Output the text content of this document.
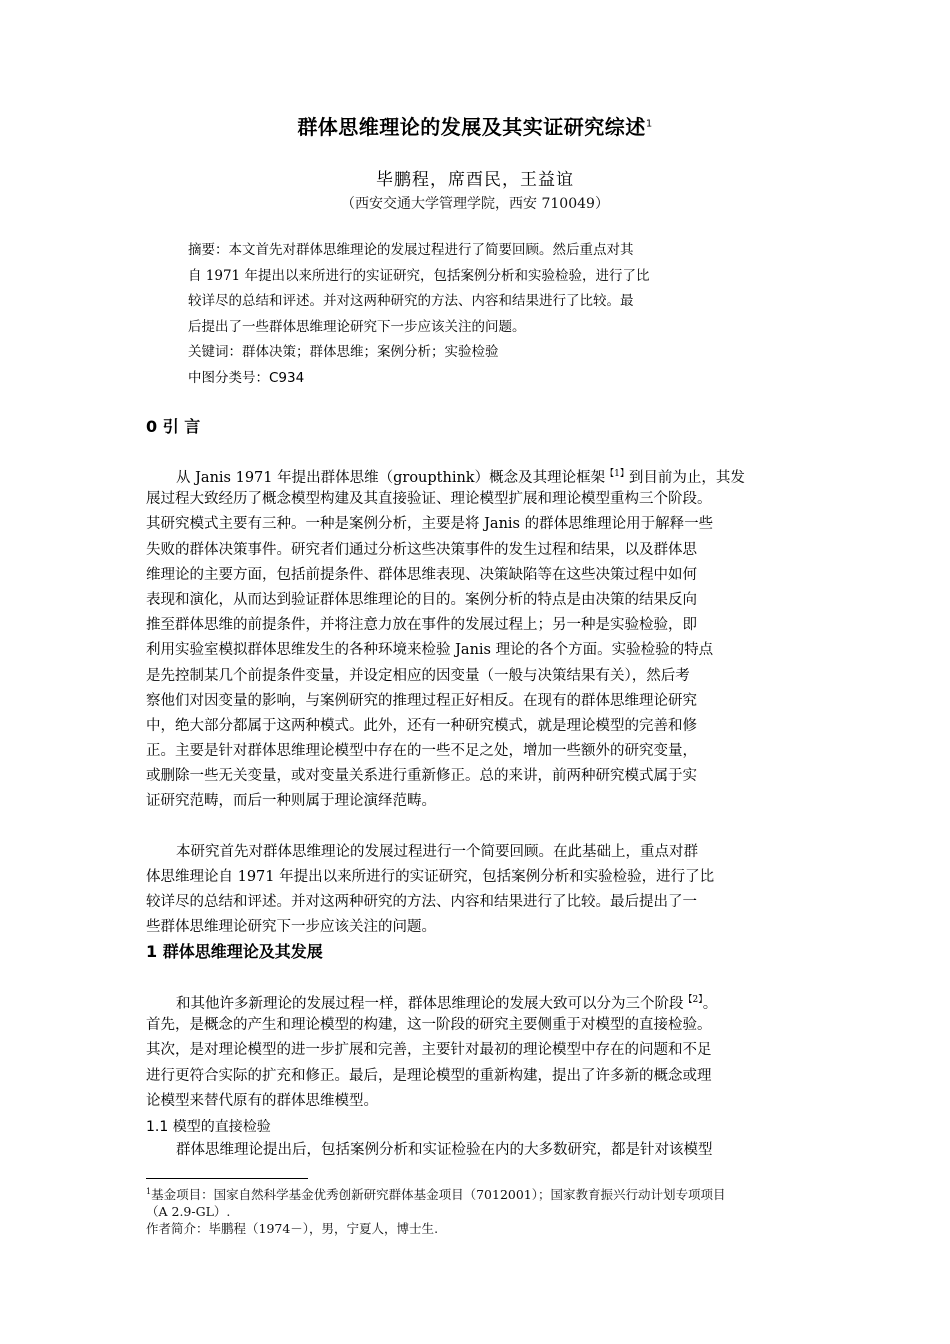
群体思维理论的发展及其实证研究综述$^1$
毕鹏程，席酉民，王益谊
（西安交通大学管理学院，西安 710049）
摘要：本文首先对群体思维理论的发展过程进行了简要回顾。然后重点对其
自 1971 年提出以来所进行的实证研究，包括案例分析和实验检验，进行了比
较详尽的总结和评述。并对这两种研究的方法、内容和结果进行了比较。最
后提出了一些群体思维理论研究下一步应该关注的问题。
关键词：群体决策；群体思维；案例分析；实验检验
中图分类号：C934
0 引 言
从 Janis 1971 年提出群体思维（groupthink）概念及其理论框架$^{【1】}$到目前为止，其发
展过程大致经历了概念模型构建及其直接验证、理论模型扩展和理论模型重构三个阶段。
其研究模式主要有三种。一种是案例分析，主要是将 Janis 的群体思维理论用于解释一些
失败的群体决策事件。研究者们通过分析这些决策事件的发生过程和结果，以及群体思
维理论的主要方面，包括前提条件、群体思维表现、决策缺陷等在这些决策过程中如何
表现和演化，从而达到验证群体思维理论的目的。案例分析的特点是由决策的结果反向
推至群体思维的前提条件，并将注意力放在事件的发展过程上；另一种是实验检验，即
利用实验室模拟群体思维发生的各种环境来检验 Janis 理论的各个方面。实验检验的特点
是先控制某几个前提条件变量，并设定相应的因变量（一般与决策结果有关），然后考
察他们对因变量的影响，与案例研究的推理过程正好相反。在现有的群体思维理论研究
中，绝大部分都属于这两种模式。此外，还有一种研究模式，就是理论模型的完善和修
正。主要是针对群体思维理论模型中存在的一些不足之处，增加一些额外的研究变量，
或删除一些无关变量，或对变量关系进行重新修正。总的来讲，前两种研究模式属于实
证研究范畴，而后一种则属于理论演绎范畴。
本研究首先对群体思维理论的发展过程进行一个简要回顾。在此基础上，重点对群
体思维理论自 1971 年提出以来所进行的实证研究，包括案例分析和实验检验，进行了比
较详尽的总结和评述。并对这两种研究的方法、内容和结果进行了比较。最后提出了一
些群体思维理论研究下一步应该关注的问题。
1 群体思维理论及其发展
和其他许多新理论的发展过程一样，群体思维理论的发展大致可以分为三个阶段$^{【2】}$。
首先，是概念的产生和理论模型的构建，这一阶段的研究主要侧重于对模型的直接检验。
其次，是对理论模型的进一步扩展和完善，主要针对最初的理论模型中存在的问题和不足
进行更符合实际的扩充和修正。最后，是理论模型的重新构建，提出了许多新的概念或理
论模型来替代原有的群体思维模型。
1.1 模型的直接检验
群体思维理论提出后，包括案例分析和实证检验在内的大多数研究，都是针对该模型
$^1$基金项目：国家自然科学基金优秀创新研究群体基金项目（7012001）；国家教育振兴行动计划专项项目
（A 2.9-GL）.
作者简介：毕鹏程（1974－），男，宁夏人，博士生.
